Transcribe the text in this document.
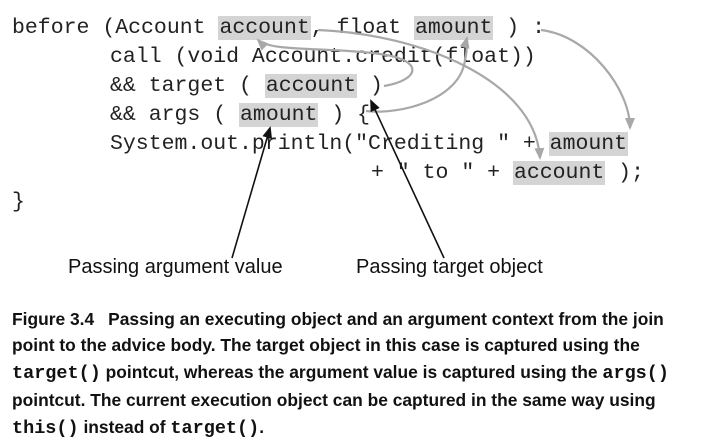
before (Account account, float amount ) :
call (void Account.credit(float))
&& target ( account )
&& args ( amount ) {
System.out.println("Crediting " + amount
+ " to " + account );
}
Passing argument value	Passing target object
Figure 3.4 Passing an executing object and an argument context from the join point to the advice body. The target object in this case is captured using the target() pointcut, whereas the argument value is captured using the args() pointcut. The current execution object can be captured in the same way using this() instead of target().
